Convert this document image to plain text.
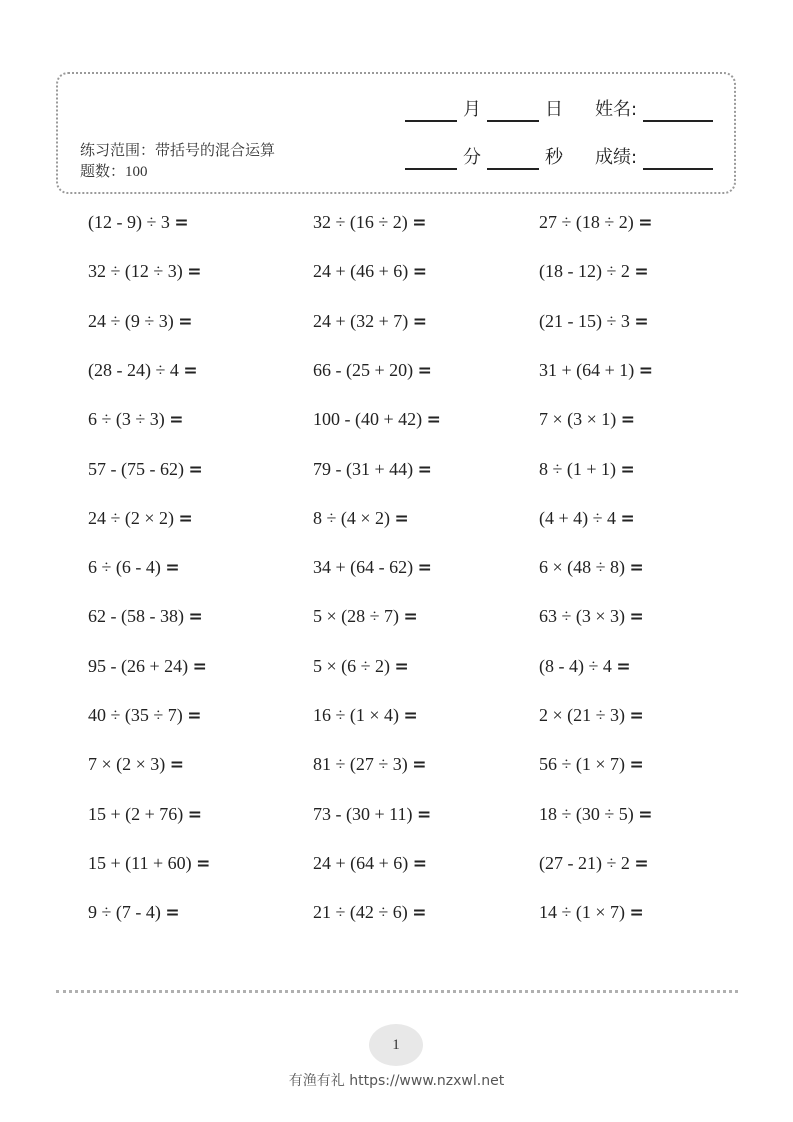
月	日 姓名:
分	秒 成绩:
练习范围：带括号的混合运算 题数：100
(12 - 9) ÷ 3 =	32 ÷ (16 ÷ 2) =	27 ÷ (18 ÷ 2) =
32 ÷ (12 ÷ 3) =	24 + (46 + 6) =	(18 - 12) ÷ 2 =
24 ÷ (9 ÷ 3) =	24 + (32 + 7) =	(21 - 15) ÷ 3 =
(28 - 24) ÷ 4 =	66 - (25 + 20) =	31 + (64 + 1) =
6 ÷ (3 ÷ 3) =	100 - (40 + 42) =	7 × (3 × 1) =
57 - (75 - 62) =	79 - (31 + 44) =	8 ÷ (1 + 1) =
24 ÷ (2 × 2) =	8 ÷ (4 × 2) =	(4 + 4) ÷ 4 =
6 ÷ (6 - 4) =	34 + (64 - 62) =	6 × (48 ÷ 8) =
62 - (58 - 38) =	5 × (28 ÷ 7) =	63 ÷ (3 × 3) =
95 - (26 + 24) =	5 × (6 ÷ 2) =	(8 - 4) ÷ 4 =
40 ÷ (35 ÷ 7) =	16 ÷ (1 × 4) =	2 × (21 ÷ 3) =
7 × (2 × 3) =	81 ÷ (27 ÷ 3) =	56 ÷ (1 × 7) =
15 + (2 + 76) =	73 - (30 + 11) =	18 ÷ (30 ÷ 5) =
15 + (11 + 60) =	24 + (64 + 6) =	(27 - 21) ÷ 2 =
9 ÷ (7 - 4) =	21 ÷ (42 ÷ 6) =	14 ÷ (1 × 7) =
1
有渔有礼 https://www.nzxwl.net
